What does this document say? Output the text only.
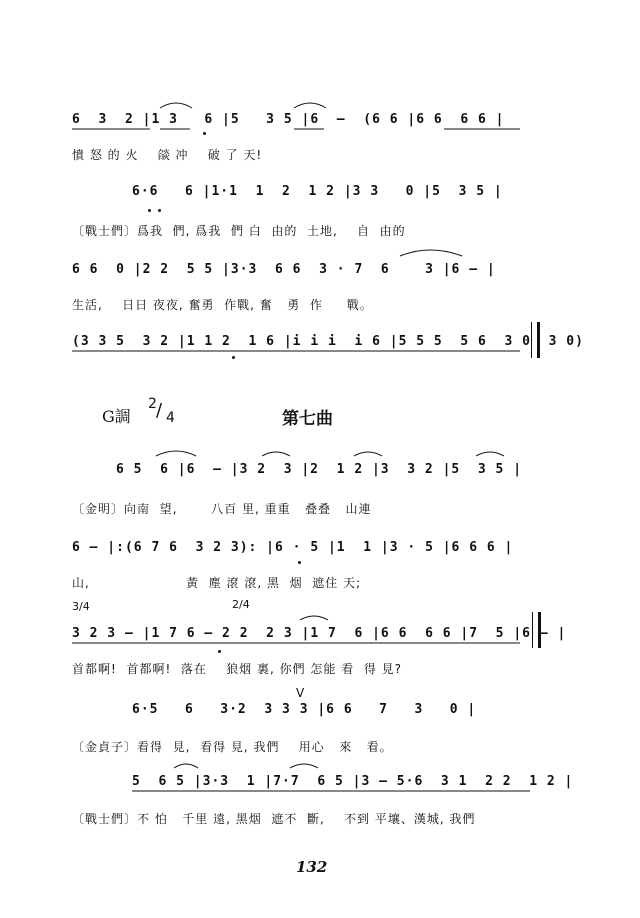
6  3  2 |1 3   6 |5   3 5 |6  —  (6 6 |6 6  6 6 |
憤 怒 的 火    燄 冲    破 了 天!
6·6   6 |1·1  1  2  1 2 |3 3   0 |5  3 5 |
〔戰士們〕爲我  們, 爲我  們 白  由的  土地,    自  由的
6 6  0 |2 2  5 5 |3·3  6 6  3 · 7  6    3 |6 — |
生活,    日日 夜夜, 奮勇  作戰, 奮   勇  作     戰。
(3 3 5  3 2 |1 1 2  1 6 |i i i  i 6 |5 5 5  5 6  3 0  3 0)
G調
2 / 4	第七曲
6 5  6 |6  — |3 2  3 |2  1 2 |3  3 2 |5  3 5 |
〔金明〕向南  望,       八百 里, 重重   叠叠   山連
6 — |:(6 7 6  3 2 3): |6 · 5 |1  1 |3 · 5 |6 6 6 |
山,                    黃  塵 滾 滾, 黑  烟  遮住 天;
3/4	2/4
3 2 3 — |1 7 6 — 2 2  2 3 |1 7  6 |6 6  6 6 |7  5 |6 — |
首都啊!  首都啊!  落在    狼烟 裏, 你們 怎能 看  得 見?
V
6·5   6   3·2  3 3 3 |6 6   7   3   0 |
〔金貞子〕看得  見,  看得 見, 我們    用心   來   看。
5  6 5 |3·3  1 |7·7  6 5 |3 — 5·6  3 1  2 2  1 2 |
〔戰士們〕不 怕   千里 遠, 黑烟  遮不  斷,    不到 平壤、漢城, 我們
132
